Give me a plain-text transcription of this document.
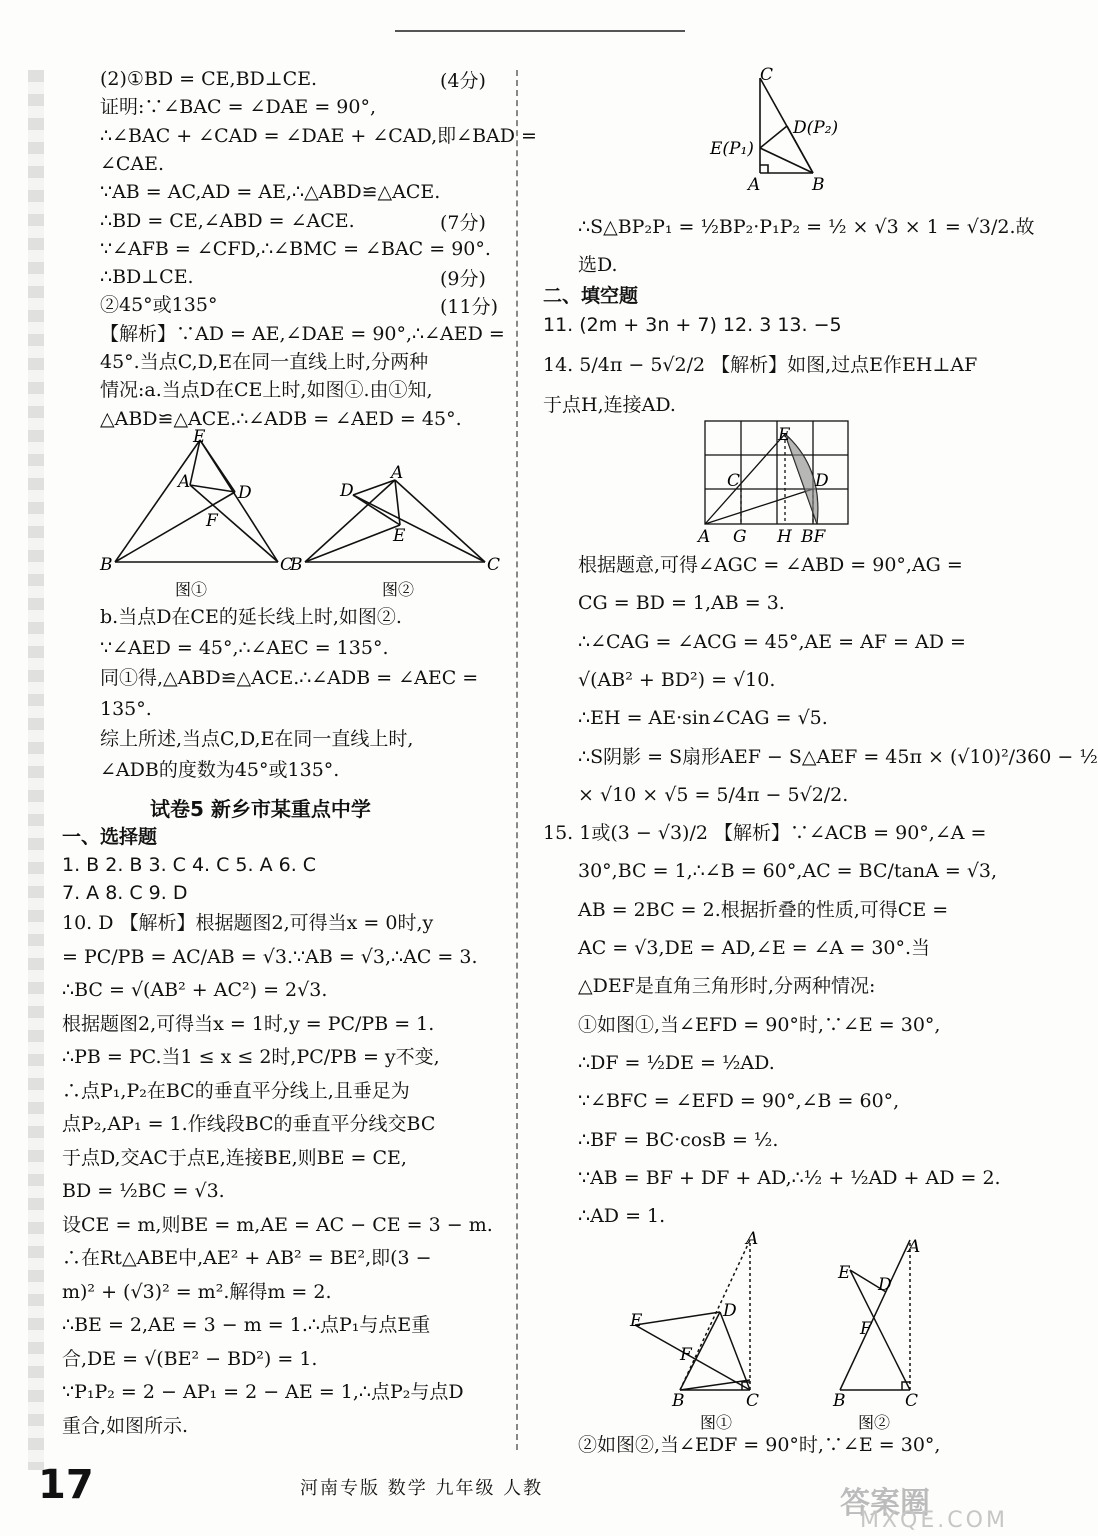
(2)①BD = CE,BD⊥CE.	(4分)
证明:∵∠BAC = ∠DAE = 90°,
∴∠BAC + ∠CAD = ∠DAE + ∠CAD,即∠BAD =
∠CAE.
∵AB = AC,AD = AE,∴△ABD≌△ACE.
∴BD = CE,∠ABD = ∠ACE.	(7分)
∵∠AFB = ∠CFD,∴∠BMC = ∠BAC = 90°.
∴BD⊥CE.	(9分)
②45°或135°	(11分)
【解析】∵AD = AE,∠DAE = 90°,∴∠AED =
45°.当点C,D,E在同一直线上时,分两种
情况:a.当点D在CE上时,如图①.由①知,
△ABD≌△ACE.∴∠ADB = ∠AED = 45°.
E
A
D
F
B	C
A
D
E
B	C
图①	图②
b.当点D在CE的延长线上时,如图②.
∵∠AED = 45°,∴∠AEC = 135°.
同①得,△ABD≌△ACE.∴∠ADB = ∠AEC =
135°.
综上所述,当点C,D,E在同一直线上时,
∠ADB的度数为45°或135°.
试卷5 新乡市某重点中学
一、选择题
1. B 2. B 3. C 4. C 5. A 6. C
7. A 8. C 9. D
10. D 【解析】根据题图2,可得当x = 0时,y
= PC/PB = AC/AB = √3.∵AB = √3,∴AC = 3.
∴BC = √(AB² + AC²) = 2√3.
根据题图2,可得当x = 1时,y = PC/PB = 1.
∴PB = PC.当1 ≤ x ≤ 2时,PC/PB = y不变,
∴点P₁,P₂在BC的垂直平分线上,且垂足为
点P₂,AP₁ = 1.作线段BC的垂直平分线交BC
于点D,交AC于点E,连接BE,则BE = CE,
BD = ½BC = √3.
设CE = m,则BE = m,AE = AC − CE = 3 − m.
∴在Rt△ABE中,AE² + AB² = BE²,即(3 −
m)² + (√3)² = m².解得m = 2.
∴BE = 2,AE = 3 − m = 1.∴点P₁与点E重
合,DE = √(BE² − BD²) = 1.
∵P₁P₂ = 2 − AP₁ = 2 − AE = 1,∴点P₂与点D
重合,如图所示.
C
D(P₂)
E(P₁)
A	B
∴S△BP₂P₁ = ½BP₂·P₁P₂ = ½ × √3 × 1 = √3/2.故
选D.
二、填空题
11. (2m + 3n + 7) 12. 3 13. −5
14. 5/4π − 5√2/2 【解析】如图,过点E作EH⊥AF
于点H,连接AD.
E
C	D
A G H BF
根据题意,可得∠AGC = ∠ABD = 90°,AG =
CG = BD = 1,AB = 3.
∴∠CAG = ∠ACG = 45°,AE = AF = AD =
√(AB² + BD²) = √10.
∴EH = AE·sin∠CAG = √5.
∴S阴影 = S扇形AEF − S△AEF = 45π × (√10)²/360 − ½
× √10 × √5 = 5/4π − 5√2/2.
15. 1或(3 − √3)/2 【解析】∵∠ACB = 90°,∠A =
30°,BC = 1,∴∠B = 60°,AC = BC/tanA = √3,
AB = 2BC = 2.根据折叠的性质,可得CE =
AC = √3,DE = AD,∠E = ∠A = 30°.当
△DEF是直角三角形时,分两种情况:
①如图①,当∠EFD = 90°时,∵∠E = 30°,
∴DF = ½DE = ½AD.
∵∠BFC = ∠EFD = 90°,∠B = 60°,
∴BF = BC·cosB = ½.
∵AB = BF + DF + AD,∴½ + ½AD + AD = 2.
∴AD = 1.
A
D
E
F
B	C
A
D
E
F
B	C
图①	图②
②如图②,当∠EDF = 90°时,∵∠E = 30°,
17	河南专版 数学 九年级 人教	答案圈
MXQE.COM
